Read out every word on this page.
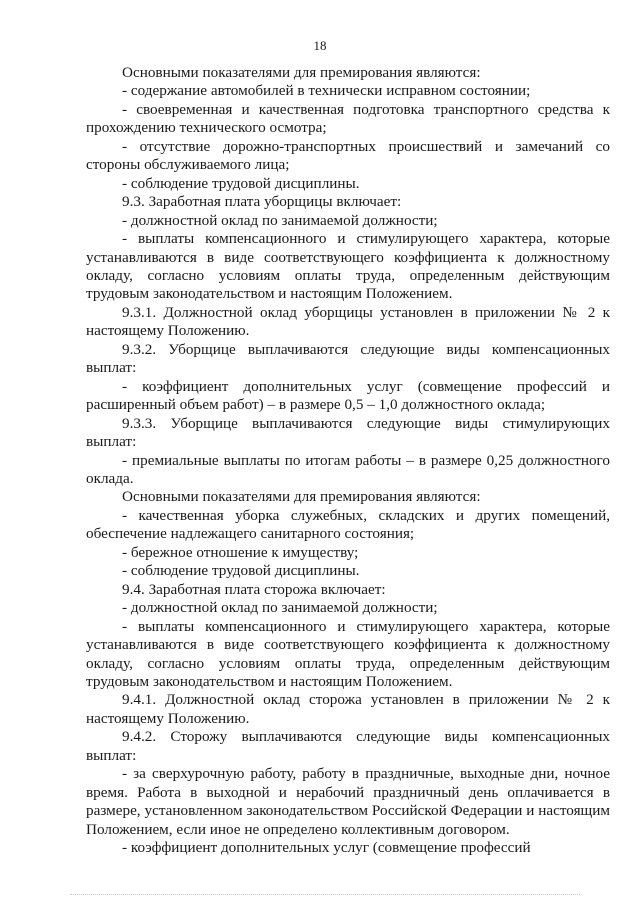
18

Основными показателями для премирования являются:

- содержание автомобилей в технически исправном состоянии;

- своевременная и качественная подготовка транспортного средства к прохождению технического осмотра;

- отсутствие дорожно-транспортных происшествий и замечаний со стороны обслуживаемого лица;

- соблюдение трудовой дисциплины.

9.3. Заработная плата уборщицы включает:

- должностной оклад по занимаемой должности;

- выплаты компенсационного и стимулирующего характера, которые устанавливаются в виде соответствующего коэффициента к должностному окладу, согласно условиям оплаты труда, определенным действующим трудовым законодательством и настоящим Положением.

9.3.1. Должностной оклад уборщицы установлен в приложении № 2 к настоящему Положению.

9.3.2. Уборщице выплачиваются следующие виды компенсационных выплат:

- коэффициент дополнительных услуг (совмещение профессий и расширенный объем работ) – в размере 0,5 – 1,0 должностного оклада;

9.3.3. Уборщице выплачиваются следующие виды стимулирующих выплат:

- премиальные выплаты по итогам работы – в размере 0,25 должностного оклада.

Основными показателями для премирования являются:

- качественная уборка служебных, складских и других помещений, обеспечение надлежащего санитарного состояния;

- бережное отношение к имуществу;

- соблюдение трудовой дисциплины.

9.4. Заработная плата сторожа включает:

- должностной оклад по занимаемой должности;

- выплаты компенсационного и стимулирующего характера, которые устанавливаются в виде соответствующего коэффициента к должностному окладу, согласно условиям оплаты труда, определенным действующим трудовым законодательством и настоящим Положением.

9.4.1. Должностной оклад сторожа установлен в приложении № 2 к настоящему Положению.

9.4.2. Сторожу выплачиваются следующие виды компенсационных выплат:

- за сверхурочную работу, работу в праздничные, выходные дни, ночное время. Работа в выходной и нерабочий праздничный день оплачивается в размере, установленном законодательством Российской Федерации и настоящим Положением, если иное не определено коллективным договором.

- коэффициент дополнительных услуг (совмещение профессий
